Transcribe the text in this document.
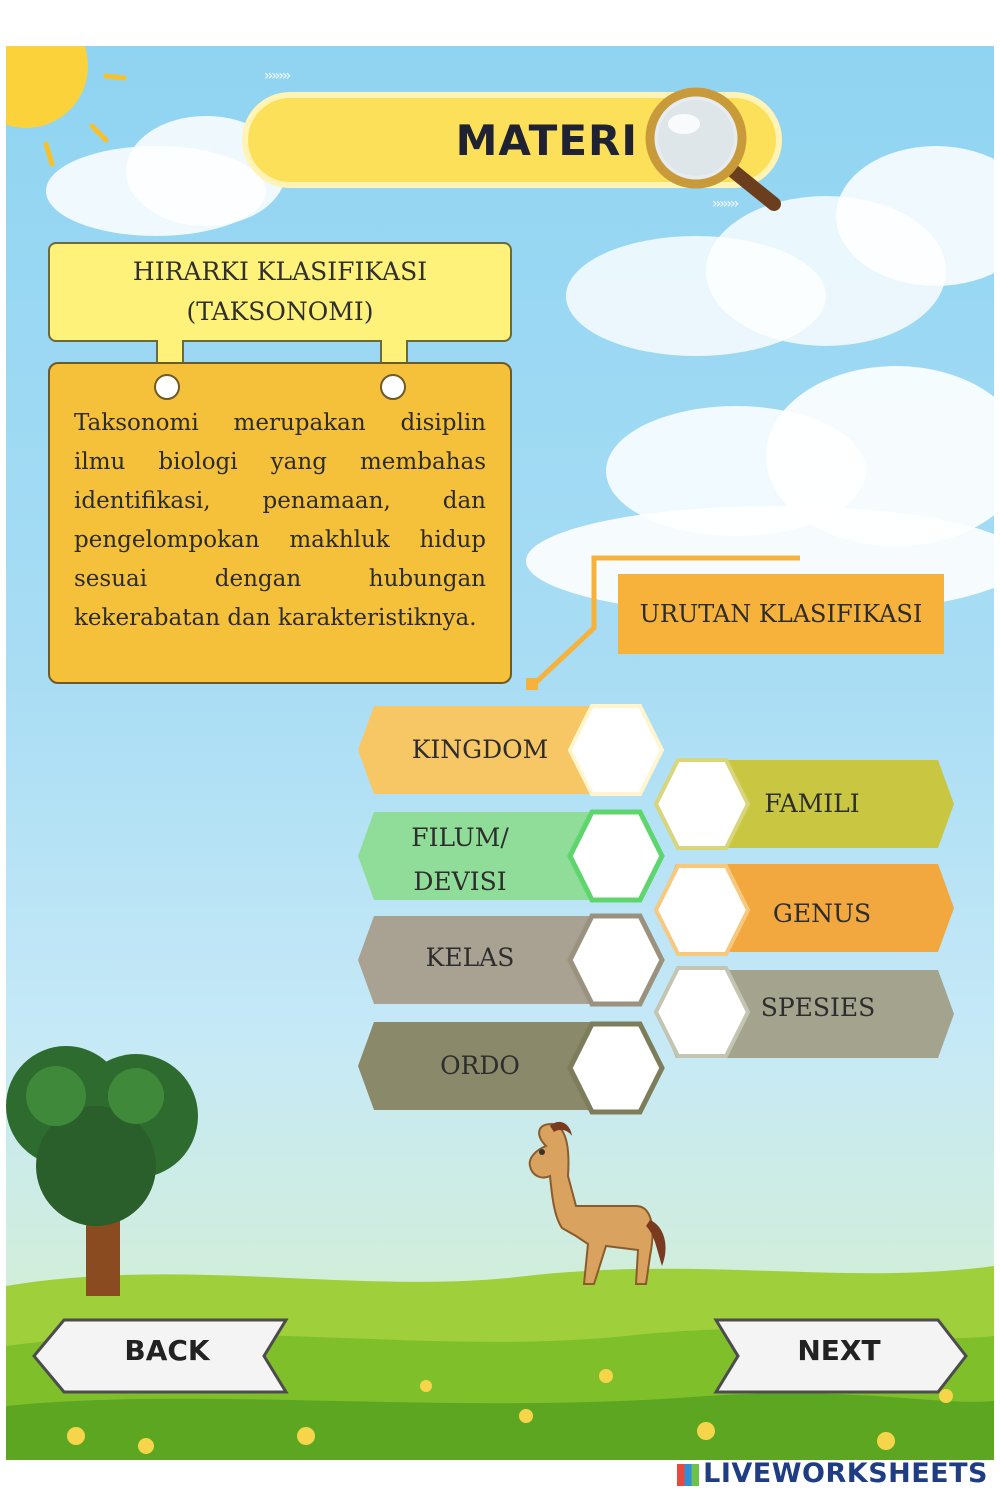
MATERI
›››››››
›››››››
HIRARKI KLASIFIKASI
(TAKSONOMI)
Taksonomi merupakan disiplin ilmu biologi yang membahas identifikasi, penamaan, dan pengelompokan makhluk hidup sesuai dengan hubungan kekerabatan dan karakteristiknya.	URUTAN KLASIFIKASI
KINGDOM
FILUM/
DEVISI
KELAS
ORDO
FAMILI
GENUS
SPESIES
BACK	NEXT
LIVEWORKSHEETS
